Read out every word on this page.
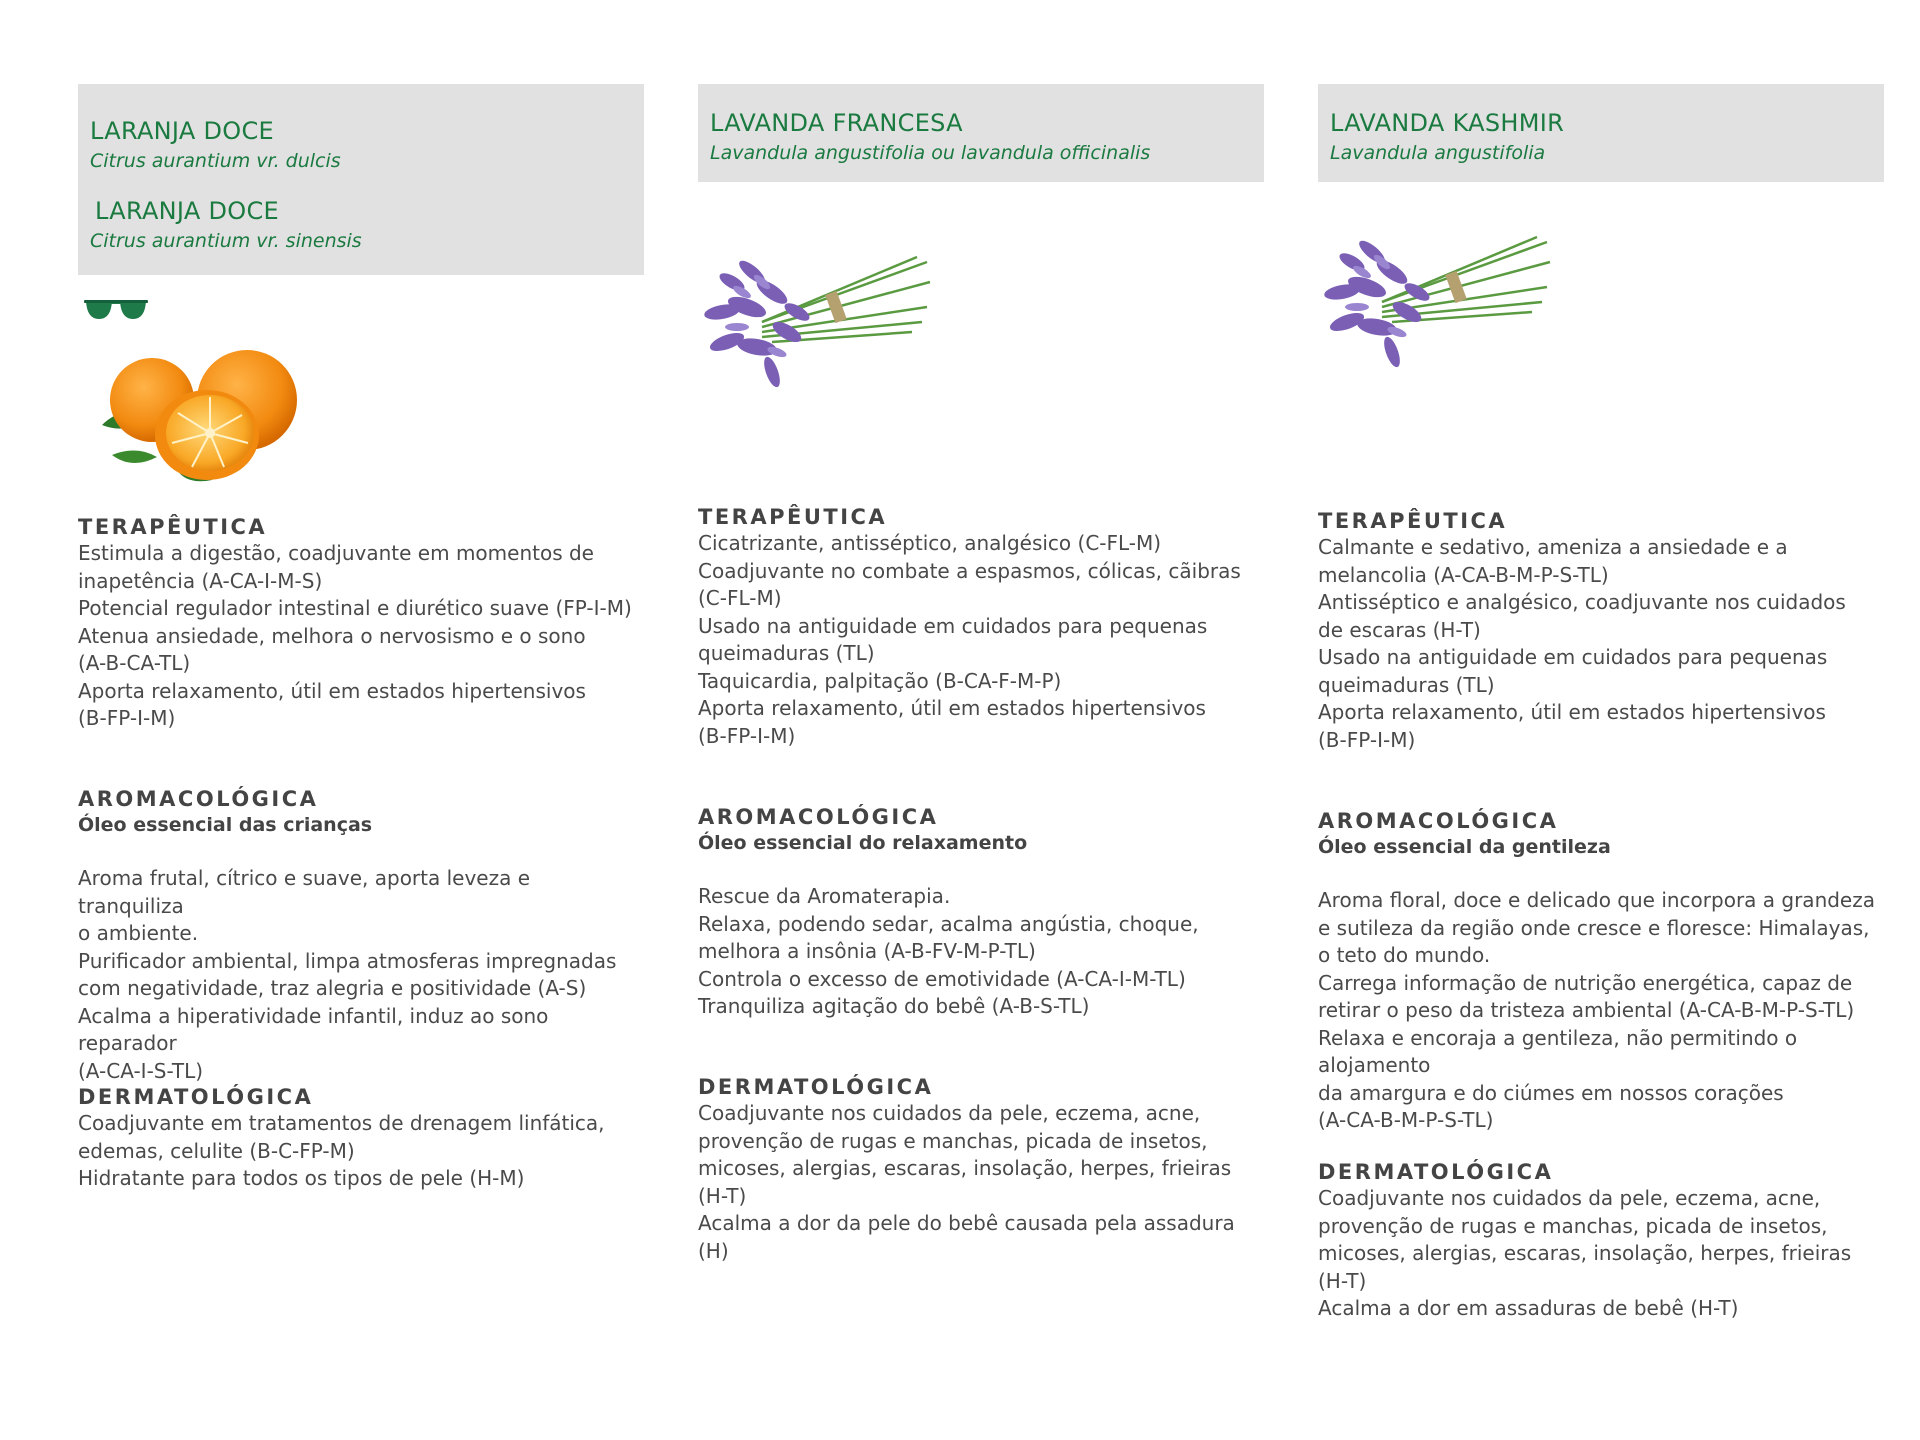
LARANJA DOCE
Citrus aurantium vr. dulcis
LARANJA DOCE
Citrus aurantium vr. sinensis
TERAPÊUTICA
Estimula a digestão, coadjuvante em momentos de
inapetência (A-CA-I-M-S)
Potencial regulador intestinal e diurético suave (FP-I-M)
Atenua ansiedade, melhora o nervosismo e o sono
(A-B-CA-TL)
Aporta relaxamento, útil em estados hipertensivos
(B-FP-I-M)
AROMACOLÓGICA
Óleo essencial das crianças
Aroma frutal, cítrico e suave, aporta leveza e tranquiliza
o ambiente.
Purificador ambiental, limpa atmosferas impregnadas
com negatividade, traz alegria e positividade (A-S)
Acalma a hiperatividade infantil, induz ao sono reparador
(A-CA-I-S-TL)
DERMATOLÓGICA
Coadjuvante em tratamentos de drenagem linfática,
edemas, celulite (B-C-FP-M)
Hidratante para todos os tipos de pele (H-M)
LAVANDA FRANCESA
Lavandula angustifolia ou lavandula officinalis
TERAPÊUTICA
Cicatrizante, antisséptico, analgésico (C-FL-M)
Coadjuvante no combate a espasmos, cólicas, cãibras
(C-FL-M)
Usado na antiguidade em cuidados para pequenas
queimaduras (TL)
Taquicardia, palpitação (B-CA-F-M-P)
Aporta relaxamento, útil em estados hipertensivos
(B-FP-I-M)
AROMACOLÓGICA
Óleo essencial do relaxamento
Rescue da Aromaterapia.
Relaxa, podendo sedar, acalma angústia, choque,
melhora a insônia (A-B-FV-M-P-TL)
Controla o excesso de emotividade (A-CA-I-M-TL)
Tranquiliza agitação do bebê (A-B-S-TL)
DERMATOLÓGICA
Coadjuvante nos cuidados da pele, eczema, acne,
provenção de rugas e manchas, picada de insetos,
micoses, alergias, escaras, insolação, herpes, frieiras (H-T)
Acalma a dor da pele do bebê causada pela assadura (H)
LAVANDA KASHMIR
Lavandula angustifolia
TERAPÊUTICA
Calmante e sedativo, ameniza a ansiedade e a
melancolia (A-CA-B-M-P-S-TL)
Antisséptico e analgésico, coadjuvante nos cuidados
de escaras (H-T)
Usado na antiguidade em cuidados para pequenas
queimaduras (TL)
Aporta relaxamento, útil em estados hipertensivos
(B-FP-I-M)
AROMACOLÓGICA
Óleo essencial da gentileza
Aroma floral, doce e delicado que incorpora a grandeza
e sutileza da região onde cresce e floresce: Himalayas,
o teto do mundo.
Carrega informação de nutrição energética, capaz de
retirar o peso da tristeza ambiental (A-CA-B-M-P-S-TL)
Relaxa e encoraja a gentileza, não permitindo o alojamento
da amargura e do ciúmes em nossos corações
(A-CA-B-M-P-S-TL)
DERMATOLÓGICA
Coadjuvante nos cuidados da pele, eczema, acne,
provenção de rugas e manchas, picada de insetos,
micoses, alergias, escaras, insolação, herpes, frieiras (H-T)
Acalma a dor em assaduras de bebê (H-T)
